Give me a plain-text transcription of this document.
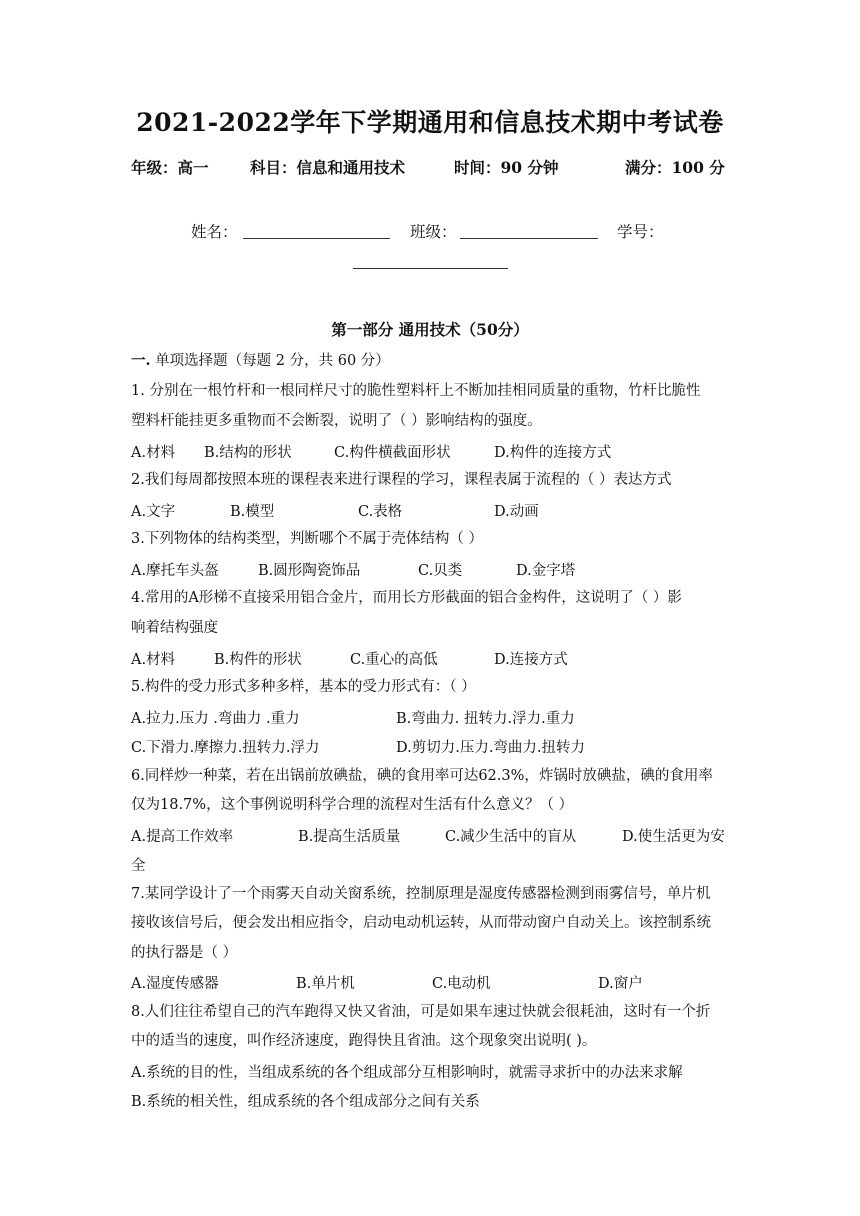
2021-2022学年下学期通用和信息技术期中考试卷
年级：高一	科目：信息和通用技术	时间：90 分钟	满分：100 分
姓名：	班级：	学号：
第一部分 通用技术（50分）
一. 单项选择题（每题 2 分，共 60 分）
1. 分别在一根竹杆和一根同样尺寸的脆性塑料杆上不断加挂相同质量的重物，竹杆比脆性
塑料杆能挂更多重物而不会断裂，说明了（ ）影响结构的强度。
A.材料 B.结构的形状	C.构件横截面形状	D.构件的连接方式
2.我们每周都按照本班的课程表来进行课程的学习，课程表属于流程的（ ）表达方式
A.文字	B.模型	C.表格	D.动画
3.下列物体的结构类型，判断哪个不属于壳体结构（ ）
A.摩托车头盔	B.圆形陶瓷饰品	C.贝类	D.金字塔
4.常用的A形梯不直接采用铝合金片，而用长方形截面的铝合金构件，这说明了（ ）影
响着结构强度
A.材料	B.构件的形状	C.重心的高低	D.连接方式
5.构件的受力形式多种多样，基本的受力形式有：（ ）
A.拉力.压力 .弯曲力 .重力	B.弯曲力. 扭转力.浮力.重力
C.下滑力.摩擦力.扭转力.浮力	D.剪切力.压力.弯曲力.扭转力
6.同样炒一种菜，若在出锅前放碘盐，碘的食用率可达62.3%，炸锅时放碘盐，碘的食用率
仅为18.7%，这个事例说明科学合理的流程对生活有什么意义？（ ）
A.提高工作效率	B.提高生活质量	C.减少生活中的盲从	D.使生活更为安
全
7.某同学设计了一个雨雾天自动关窗系统，控制原理是湿度传感器检测到雨雾信号，单片机
接收该信号后，便会发出相应指令，启动电动机运转，从而带动窗户自动关上。该控制系统
的执行器是（ ）
A.湿度传感器	B.单片机	C.电动机	D.窗户
8.人们往往希望自己的汽车跑得又快又省油，可是如果车速过快就会很耗油，这时有一个折
中的适当的速度，叫作经济速度，跑得快且省油。这个现象突出说明( )。
A.系统的目的性，当组成系统的各个组成部分互相影响时，就需寻求折中的办法来求解
B.系统的相关性，组成系统的各个组成部分之间有关系
